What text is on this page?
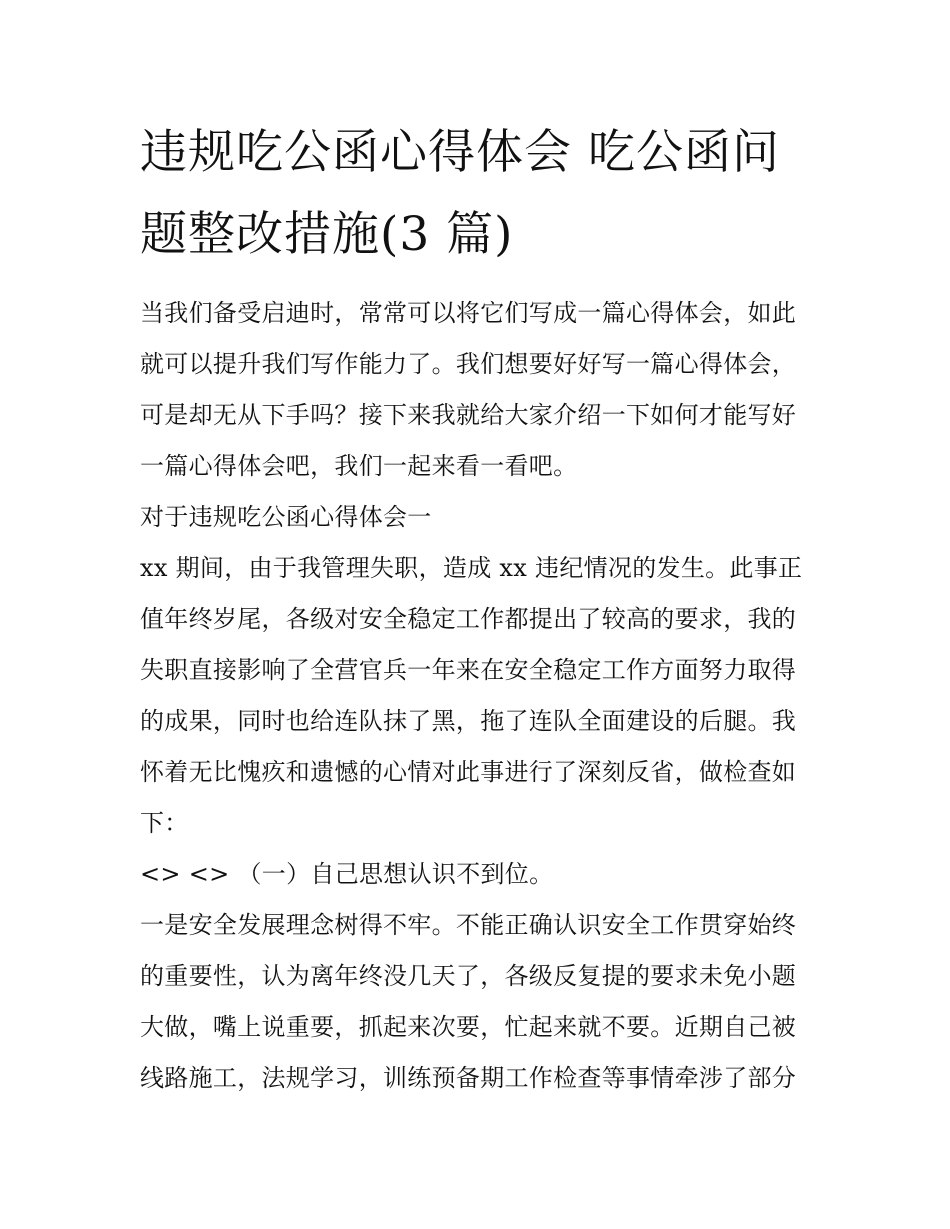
违规吃公函心得体会 吃公函问
题整改措施(3 篇)

当我们备受启迪时，常常可以将它们写成一篇心得体会，如此
就可以提升我们写作能力了。我们想要好好写一篇心得体会，
可是却无从下手吗？接下来我就给大家介绍一下如何才能写好
一篇心得体会吧，我们一起来看一看吧。

对于违规吃公函心得体会一

xx 期间，由于我管理失职，造成 xx 违纪情况的发生。此事正
值年终岁尾，各级对安全稳定工作都提出了较高的要求，我的
失职直接影响了全营官兵一年来在安全稳定工作方面努力取得
的成果，同时也给连队抹了黑，拖了连队全面建设的后腿。我
怀着无比愧疚和遗憾的心情对此事进行了深刻反省，做检查如
下：

<> <> （一）自己思想认识不到位。

一是安全发展理念树得不牢。不能正确认识安全工作贯穿始终
的重要性，认为离年终没几天了，各级反复提的要求未免小题
大做，嘴上说重要，抓起来次要，忙起来就不要。近期自己被
线路施工，法规学习，训练预备期工作检查等事情牵涉了部分
